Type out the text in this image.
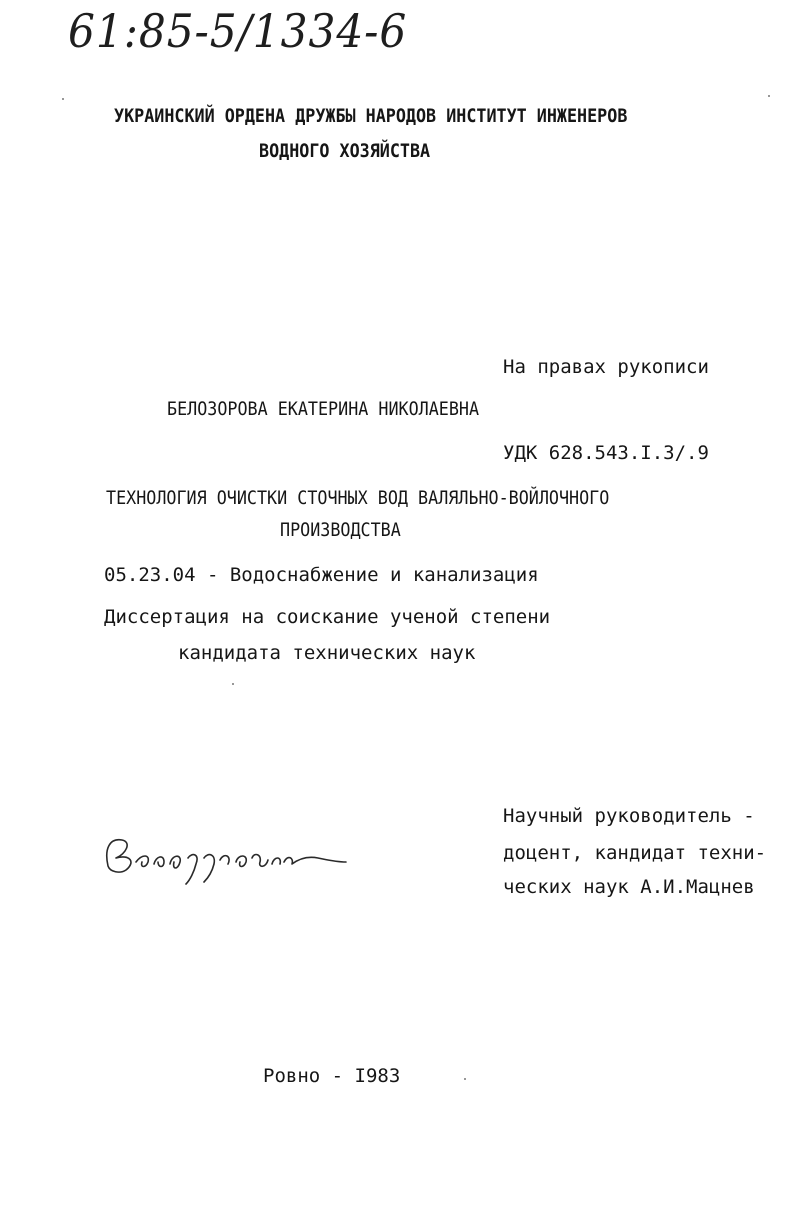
61:85-5/1334-6
УКРАИНСКИЙ ОРДЕНА ДРУЖБЫ НАРОДОВ ИНСТИТУТ ИНЖЕНЕРОВ
ВОДНОГО ХОЗЯЙСТВА
На правах рукописи
БЕЛОЗОРОВА ЕКАТЕРИНА НИКОЛАЕВНА
УДК 628.543.I.3/.9
ТЕХНОЛОГИЯ ОЧИСТКИ СТОЧНЫХ ВОД ВАЛЯЛЬНО-ВОЙЛОЧНОГО
ПРОИЗВОДСТВА
05.23.04 - Водоснабжение и канализация
Диссертация на соискание ученой степени
кандидата технических наук
Научный руководитель -
доцент, кандидат техни-
ческих наук А.И.Мацнев
Ровно - I983
